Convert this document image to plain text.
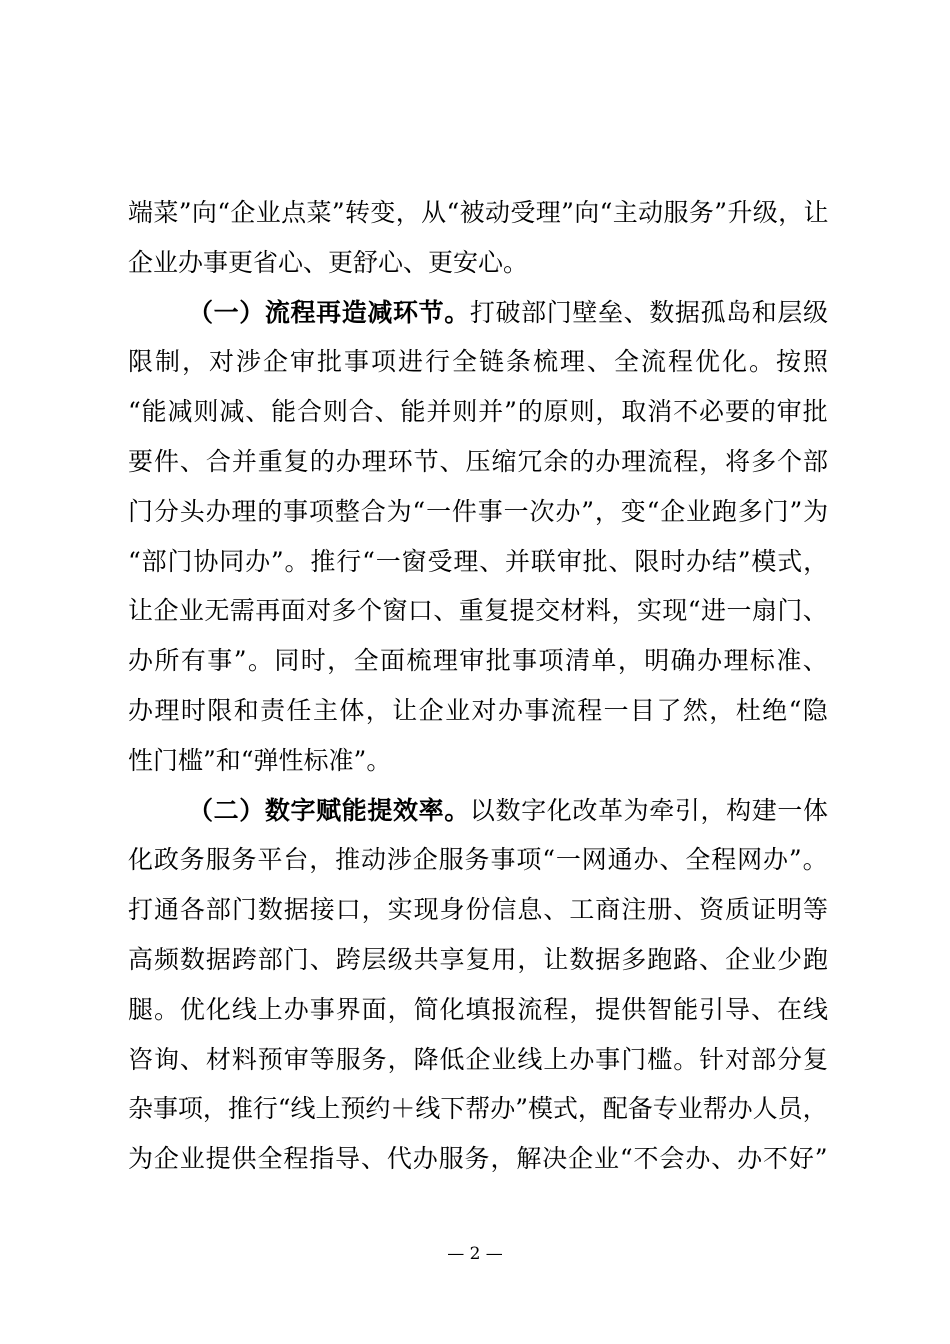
端菜”向“企业点菜”转变，从“被动受理”向“主动服务”升级，让
企业办事更省心、更舒心、更安心。
（一）流程再造减环节。打破部门壁垒、数据孤岛和层级
限制，对涉企审批事项进行全链条梳理、全流程优化。按照
“能减则减、能合则合、能并则并”的原则，取消不必要的审批
要件、合并重复的办理环节、压缩冗余的办理流程，将多个部
门分头办理的事项整合为“一件事一次办”，变“企业跑多门”为
“部门协同办”。推行“一窗受理、并联审批、限时办结”模式，
让企业无需再面对多个窗口、重复提交材料，实现“进一扇门、
办所有事”。同时，全面梳理审批事项清单，明确办理标准、
办理时限和责任主体，让企业对办事流程一目了然，杜绝“隐
性门槛”和“弹性标准”。
（二）数字赋能提效率。以数字化改革为牵引，构建一体
化政务服务平台，推动涉企服务事项“一网通办、全程网办”。
打通各部门数据接口，实现身份信息、工商注册、资质证明等
高频数据跨部门、跨层级共享复用，让数据多跑路、企业少跑
腿。优化线上办事界面，简化填报流程，提供智能引导、在线
咨询、材料预审等服务，降低企业线上办事门槛。针对部分复
杂事项，推行“线上预约＋线下帮办”模式，配备专业帮办人员，
为企业提供全程指导、代办服务，解决企业“不会办、办不好”
— 2 —
